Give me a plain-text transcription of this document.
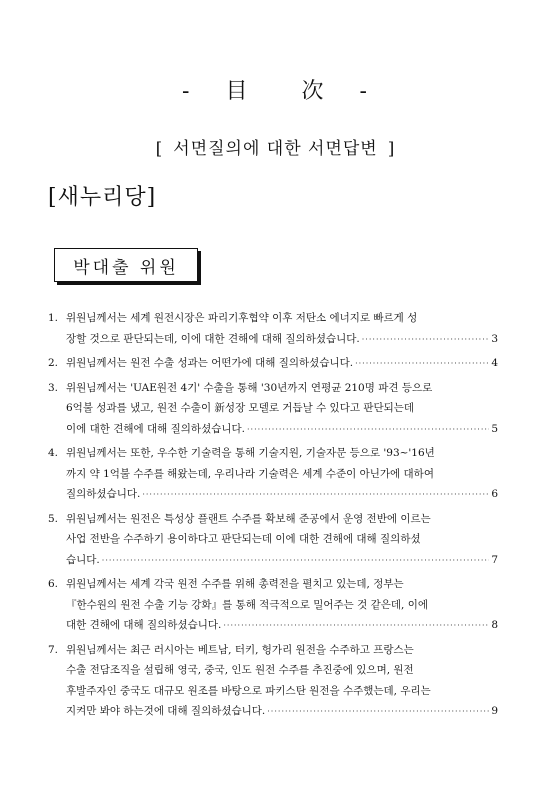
- 目 次 -
[ 서면질의에 대한 서면답변 ]
[새누리당]
박대출 위원
1. 위원님께서는 세계 원전시장은 파리기후협약 이후 저탄소 에너지로 빠르게 성
장할 것으로 판단되는데, 이에 대한 견해에 대해 질의하셨습니다. ·····	3
2. 위원님께서는 원전 수출 성과는 어떤가에 대해 질의하셨습니다. ·····	4
3. 위원님께서는 'UAE원전 4기' 수출을 통해 '30년까지 연평균 210명 파견 등으로
6억불 성과를 냈고, 원전 수출이 新성장 모델로 거듭날 수 있다고 판단되는데
이에 대한 견해에 대해 질의하셨습니다. ·····	5
4. 위원님께서는 또한, 우수한 기술력을 통해 기술지원, 기술자문 등으로 '93~'16년
까지 약 1억불 수주를 해왔는데, 우리나라 기술력은 세계 수준이 아닌가에 대하여
질의하셨습니다. ·····	6
5. 위원님께서는 원전은 특성상 플랜트 수주를 확보해 준공에서 운영 전반에 이르는
사업 전반을 수주하기 용이하다고 판단되는데 이에 대한 견해에 대해 질의하셨
습니다. ·····	7
6. 위원님께서는 세계 각국 원전 수주를 위해 총력전을 펼치고 있는데, 정부는
『한수원의 원전 수출 기능 강화』를 통해 적극적으로 밀어주는 것 같은데, 이에
대한 견해에 대해 질의하셨습니다. ·····	8
7. 위원님께서는 최근 러시아는 베트남, 터키, 헝가리 원전을 수주하고 프랑스는
수출 전담조직을 설립해 영국, 중국, 인도 원전 수주를 추진중에 있으며, 원전
후발주자인 중국도 대규모 원조를 바탕으로 파키스탄 원전을 수주했는데, 우리는
지켜만 봐야 하는것에 대해 질의하셨습니다. ·····	9
